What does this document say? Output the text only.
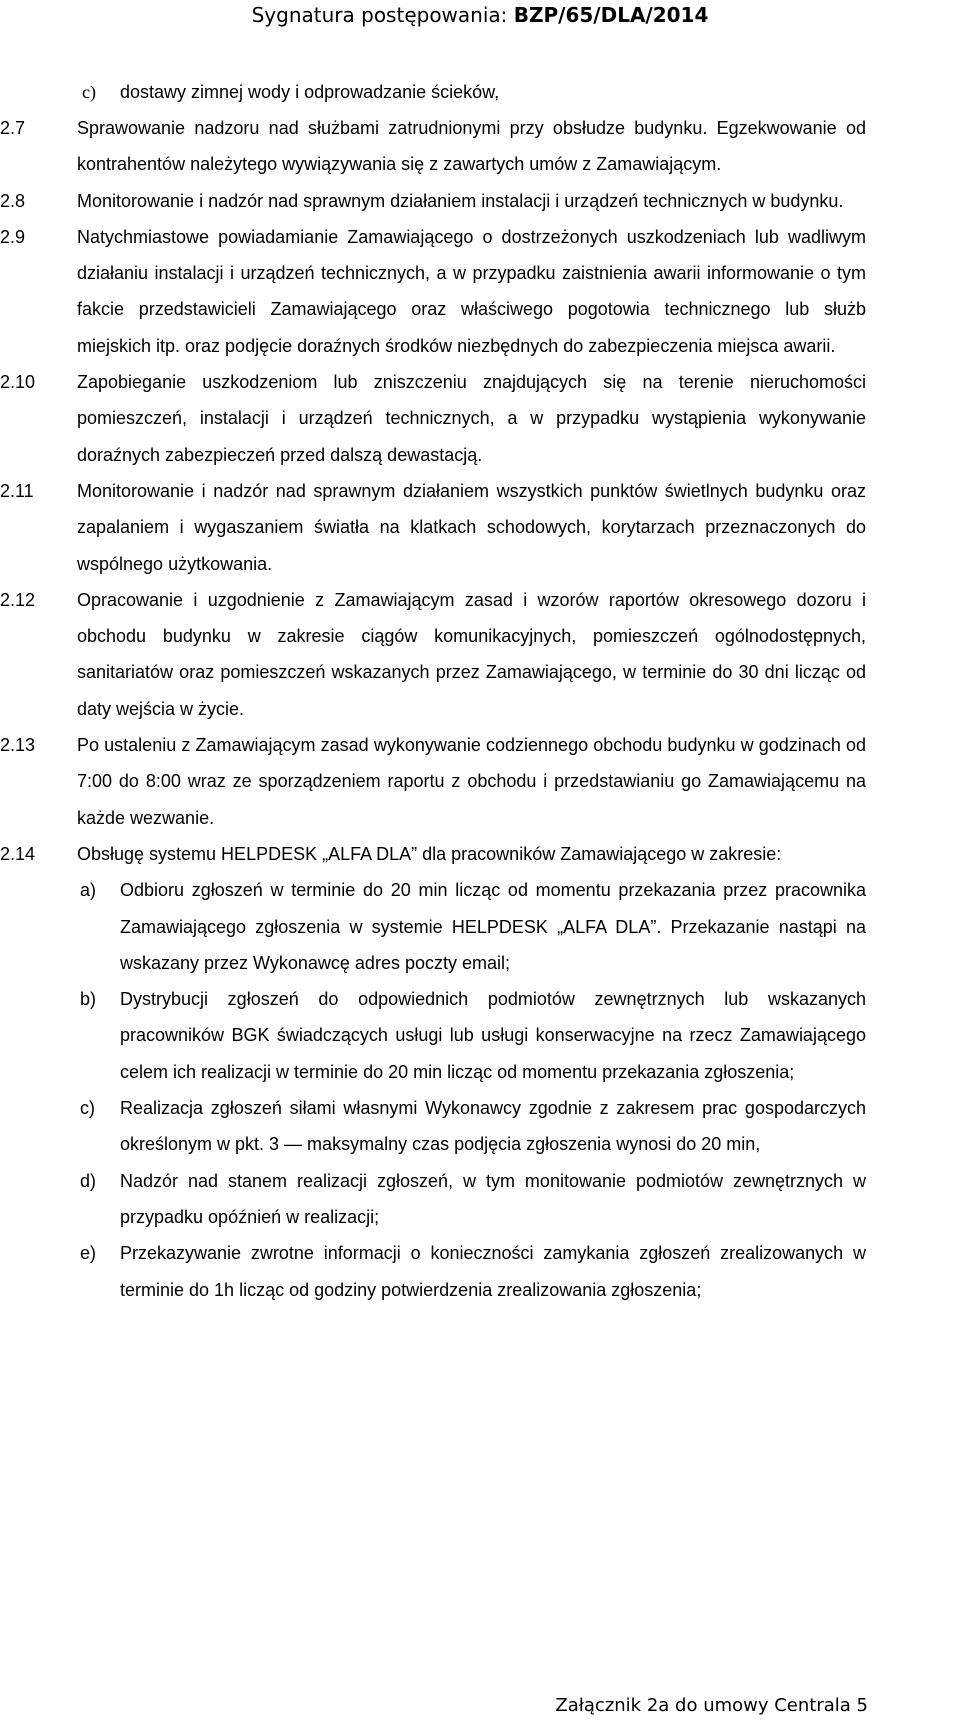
Sygnatura postępowania: BZP/65/DLA/2014
c) dostawy zimnej wody i odprowadzanie ścieków,
2.7	Sprawowanie nadzoru nad służbami zatrudnionymi przy obsłudze budynku. Egzekwowanie od kontrahentów należytego wywiązywania się z zawartych umów z Zamawiającym.

2.8	Monitorowanie i nadzór nad sprawnym działaniem instalacji i urządzeń technicznych w budynku.

2.9	Natychmiastowe powiadamianie Zamawiającego o dostrzeżonych uszkodzeniach lub wadliwym działaniu instalacji i urządzeń technicznych, a w przypadku zaistnienia awarii informowanie o tym fakcie przedstawicieli Zamawiającego oraz właściwego pogotowia technicznego lub służb miejskich itp. oraz podjęcie doraźnych środków niezbędnych do zabezpieczenia miejsca awarii.

2.10 Zapobieganie uszkodzeniom lub zniszczeniu znajdujących się na terenie nieruchomości pomieszczeń, instalacji i urządzeń technicznych, a w przypadku wystąpienia wykonywanie doraźnych zabezpieczeń przed dalszą dewastacją.

2.11 Monitorowanie i nadzór nad sprawnym działaniem wszystkich punktów świetlnych budynku oraz zapalaniem i wygaszaniem światła na klatkach schodowych, korytarzach przeznaczonych do wspólnego użytkowania.

2.12 Opracowanie i uzgodnienie z Zamawiającym zasad i wzorów raportów okresowego dozoru i obchodu budynku w zakresie ciągów komunikacyjnych, pomieszczeń ogólnodostępnych, sanitariatów oraz pomieszczeń wskazanych przez Zamawiającego, w terminie do 30 dni licząc od daty wejścia w życie.

2.13 Po ustaleniu z Zamawiającym zasad wykonywanie codziennego obchodu budynku w godzinach od 7:00 do 8:00 wraz ze sporządzeniem raportu z obchodu i przedstawianiu go Zamawiającemu na każde wezwanie.

2.14 Obsługę systemu HELPDESK „ALFA DLA” dla pracowników Zamawiającego w zakresie:

a) Odbioru zgłoszeń w terminie do 20 min licząc od momentu przekazania przez pracownika Zamawiającego zgłoszenia w systemie HELPDESK „ALFA DLA”. Przekazanie nastąpi na wskazany przez Wykonawcę adres poczty email;

b) Dystrybucji zgłoszeń do odpowiednich podmiotów zewnętrznych lub wskazanych pracowników BGK świadczących usługi lub usługi konserwacyjne na rzecz Zamawiającego celem ich realizacji w terminie do 20 min licząc od momentu przekazania zgłoszenia;

c) Realizacja zgłoszeń siłami własnymi Wykonawcy zgodnie z zakresem prac gospodarczych określonym w pkt. 3 — maksymalny czas podjęcia zgłoszenia wynosi do 20 min,

d) Nadzór nad stanem realizacji zgłoszeń, w tym monitowanie podmiotów zewnętrznych w przypadku opóźnień w realizacji;

e) Przekazywanie zwrotne informacji o konieczności zamykania zgłoszeń zrealizowanych w terminie do 1h licząc od godziny potwierdzenia zrealizowania zgłoszenia;

Załącznik 2a do umowy Centrala 5
